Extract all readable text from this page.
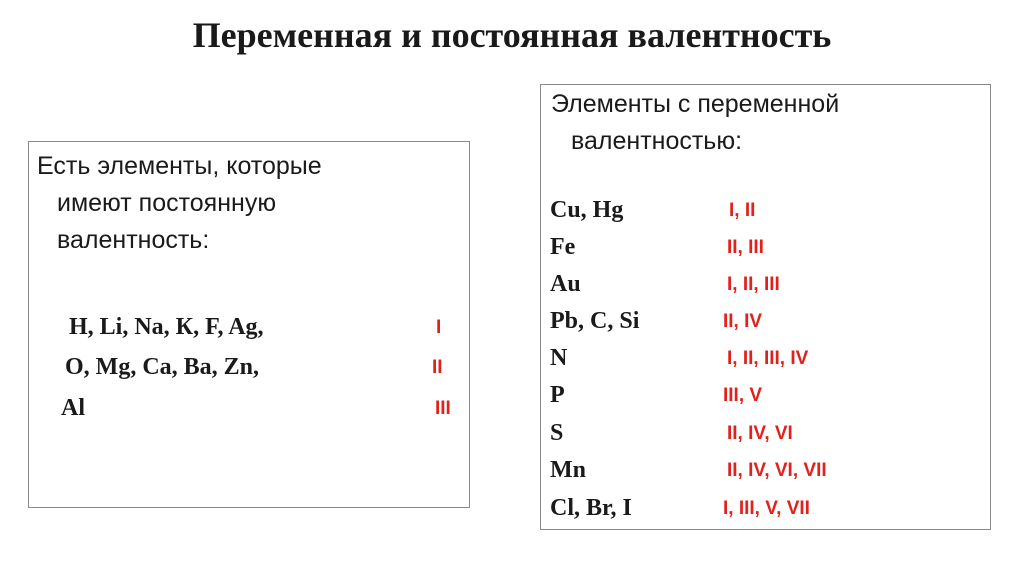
Переменная и постоянная валентность
Есть элементы, которые
имеют постоянную
валентность:
H, Li, Na, К, F, Ag,	I
O, Mg, Ca, Ba, Zn,	II
Al	III
Элементы с переменной
валентностью:
Cu, Hg	I, II
Fe	II, III
Au	I, II, III
Pb, C, Si	II, IV
N	I, II, III, IV
P	III, V
S	II, IV, VI
Mn	II, IV, VI, VII
Cl, Br, I	I, III, V, VII
